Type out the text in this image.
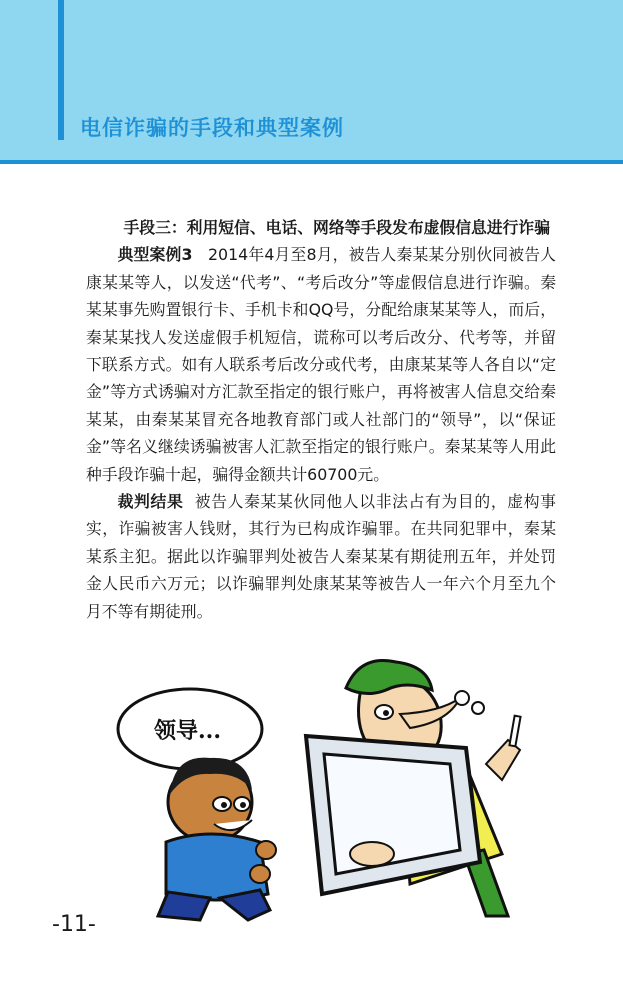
电信诈骗的手段和典型案例
手段三：利用短信、电话、网络等手段发布虚假信息进行诈骗

典型案例3 2014年4月至8月，被告人秦某某分别伙同被告人康某某等人，以发送“代考”、“考后改分”等虚假信息进行诈骗。秦某某事先购置银行卡、手机卡和QQ号，分配给康某某等人，而后，秦某某找人发送虚假手机短信，谎称可以考后改分、代考等，并留下联系方式。如有人联系考后改分或代考，由康某某等人各自以“定金”等方式诱骗对方汇款至指定的银行账户，再将被害人信息交给秦某某，由秦某某冒充各地教育部门或人社部门的“领导”，以“保证金”等名义继续诱骗被害人汇款至指定的银行账户。秦某某等人用此种手段诈骗十起，骗得金额共计60700元。

裁判结果 被告人秦某某伙同他人以非法占有为目的，虚构事实，诈骗被害人钱财，其行为已构成诈骗罪。在共同犯罪中，秦某某系主犯。据此以诈骗罪判处被告人秦某某有期徒刑五年，并处罚金人民币六万元；以诈骗罪判处康某某等被告人一年六个月至九个月不等有期徒刑。

领导...
-11-
